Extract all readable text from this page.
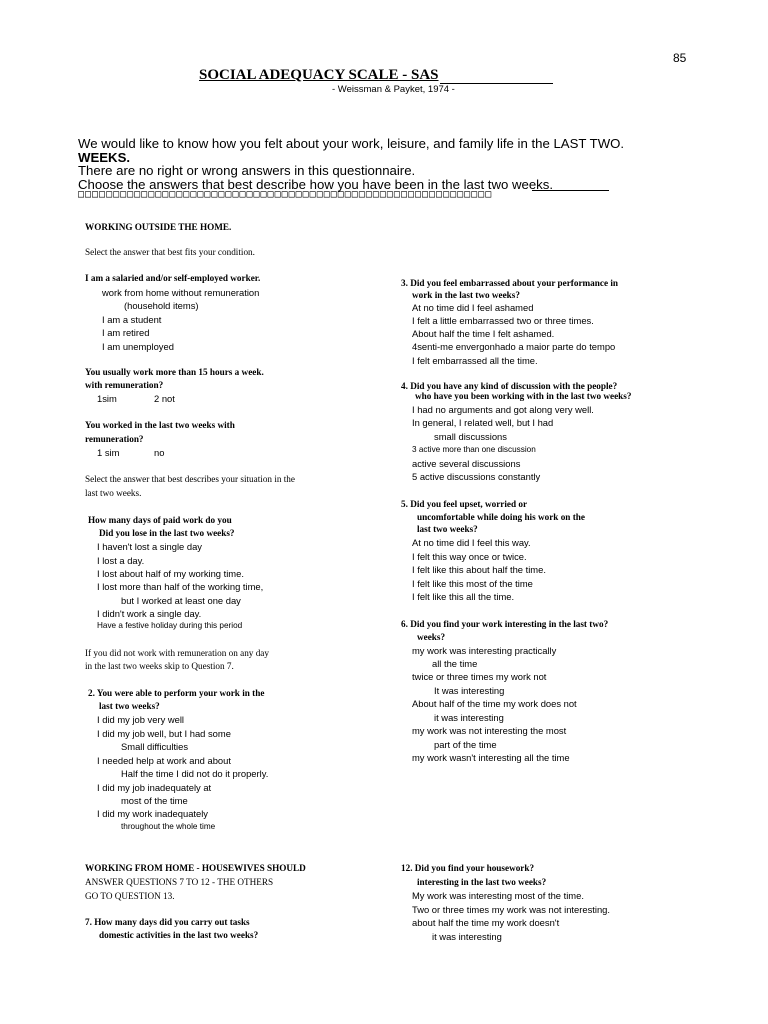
85
SOCIAL ADEQUACY SCALE - SAS
- Weissman & Payket, 1974 -
We would like to know how you felt about your work, leisure, and family life in the LAST TWO.
WEEKS.
There are no right or wrong answers in this questionnaire.
Choose the answers that best describe how you have been in the last two weeks.
□□□□□□□□□□□□□□□□□□□□□□□□□□□□□□□□□□□□□□□□□□□□□□□□□□□□□□□□□□□
WORKING OUTSIDE THE HOME.
Select the answer that best fits your condition.
I am a salaried and/or self-employed worker.
work from home without remuneration
(household items)
I am a student
I am retired
I am unemployed
You usually work more than 15 hours a week.
with remuneration?
1sim	2 not
You worked in the last two weeks with
remuneration?
1 sim	no
Select the answer that best describes your situation in the
last two weeks.
How many days of paid work do you
Did you lose in the last two weeks?
I haven't lost a single day
I lost a day.
I lost about half of my working time.
I lost more than half of the working time,
but I worked at least one day
I didn't work a single day.
Have a festive holiday during this period
If you did not work with remuneration on any day
in the last two weeks skip to Question 7.
2. You were able to perform your work in the
last two weeks?
I did my job very well
I did my job well, but I had some
Small difficulties
I needed help at work and about
Half the time I did not do it properly.
I did my job inadequately at
most of the time
I did my work inadequately
throughout the whole time
WORKING FROM HOME - HOUSEWIVES SHOULD
ANSWER QUESTIONS 7 TO 12 - THE OTHERS
GO TO QUESTION 13.
7. How many days did you carry out tasks
domestic activities in the last two weeks?
3. Did you feel embarrassed about your performance in
work in the last two weeks?
At no time did I feel ashamed
I felt a little embarrassed two or three times.
About half the time I felt ashamed.
4senti-me envergonhado a maior parte do tempo
I felt embarrassed all the time.
4. Did you have any kind of discussion with the people?
who have you been working with in the last two weeks?
I had no arguments and got along very well.
In general, I related well, but I had
small discussions
3 active more than one discussion
active several discussions
5 active discussions constantly
5. Did you feel upset, worried or
uncomfortable while doing his work on the
last two weeks?
At no time did I feel this way.
I felt this way once or twice.
I felt like this about half the time.
I felt like this most of the time
I felt like this all the time.
6. Did you find your work interesting in the last two?
weeks?
my work was interesting practically
all the time
twice or three times my work not
It was interesting
About half of the time my work does not
it was interesting
my work was not interesting the most
part of the time
my work wasn't interesting all the time
12. Did you find your housework?
interesting in the last two weeks?
My work was interesting most of the time.
Two or three times my work was not interesting.
about half the time my work doesn't
it was interesting
